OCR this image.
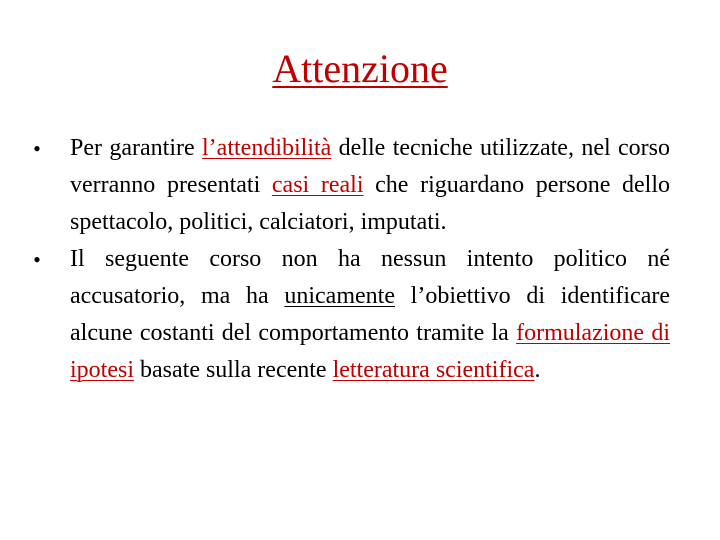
Attenzione
• Per garantire l’attendibilità delle tecniche utilizzate, nel corso verranno presentati casi reali che riguardano persone dello spettacolo, politici, calciatori, imputati.
• Il seguente corso non ha nessun intento politico né accusatorio, ma ha unicamente l’obiettivo di identificare alcune costanti del comportamento tramite la formulazione di ipotesi basate sulla recente letteratura scientifica.
